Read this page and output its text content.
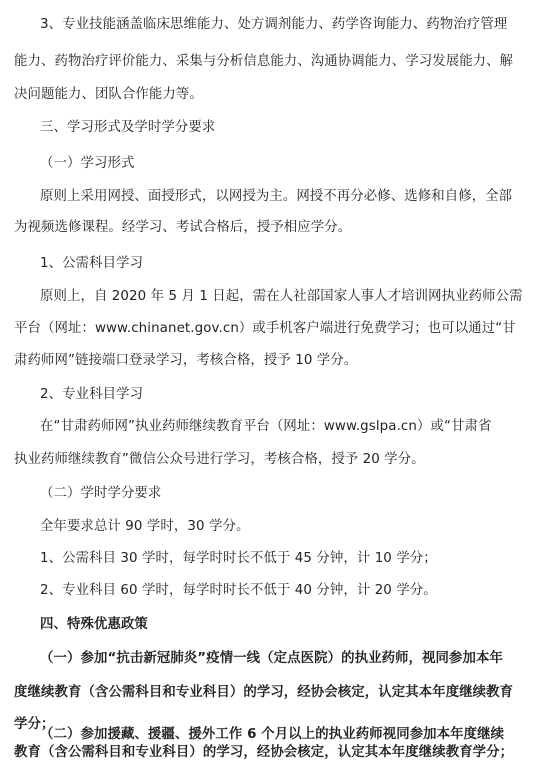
3、专业技能涵盖临床思维能力、处方调剂能力、药学咨询能力、药物治疗管理
能力、药物治疗评价能力、采集与分析信息能力、沟通协调能力、学习发展能力、解
决问题能力、团队合作能力等。
三、学习形式及学时学分要求
（一）学习形式
原则上采用网授、面授形式，以网授为主。网授不再分必修、选修和自修，全部
为视频选修课程。经学习、考试合格后，授予相应学分。
1、公需科目学习
原则上，自 2020 年 5 月 1 日起，需在人社部国家人事人才培训网执业药师公需
平台（网址：www.chinanet.gov.cn）或手机客户端进行免费学习；也可以通过“甘
肃药师网”链接端口登录学习，考核合格，授予 10 学分。
2、专业科目学习
在“甘肃药师网”执业药师继续教育平台（网址：www.gslpa.cn）或“甘肃省
执业药师继续教育”微信公众号进行学习，考核合格，授予 20 学分。
（二）学时学分要求
全年要求总计 90 学时，30 学分。
1、公需科目 30 学时，每学时时长不低于 45 分钟，计 10 学分；
2、专业科目 60 学时，每学时时长不低于 40 分钟，计 20 学分。
四、特殊优惠政策
（一）参加“抗击新冠肺炎”疫情一线（定点医院）的执业药师，视同参加本年
度继续教育（含公需科目和专业科目）的学习，经协会核定，认定其本年度继续教育
学分；
（二）参加援藏、援疆、援外工作 6 个月以上的执业药师视同参加本年度继续
教育（含公需科目和专业科目）的学习，经协会核定，认定其本年度继续教育学分；
